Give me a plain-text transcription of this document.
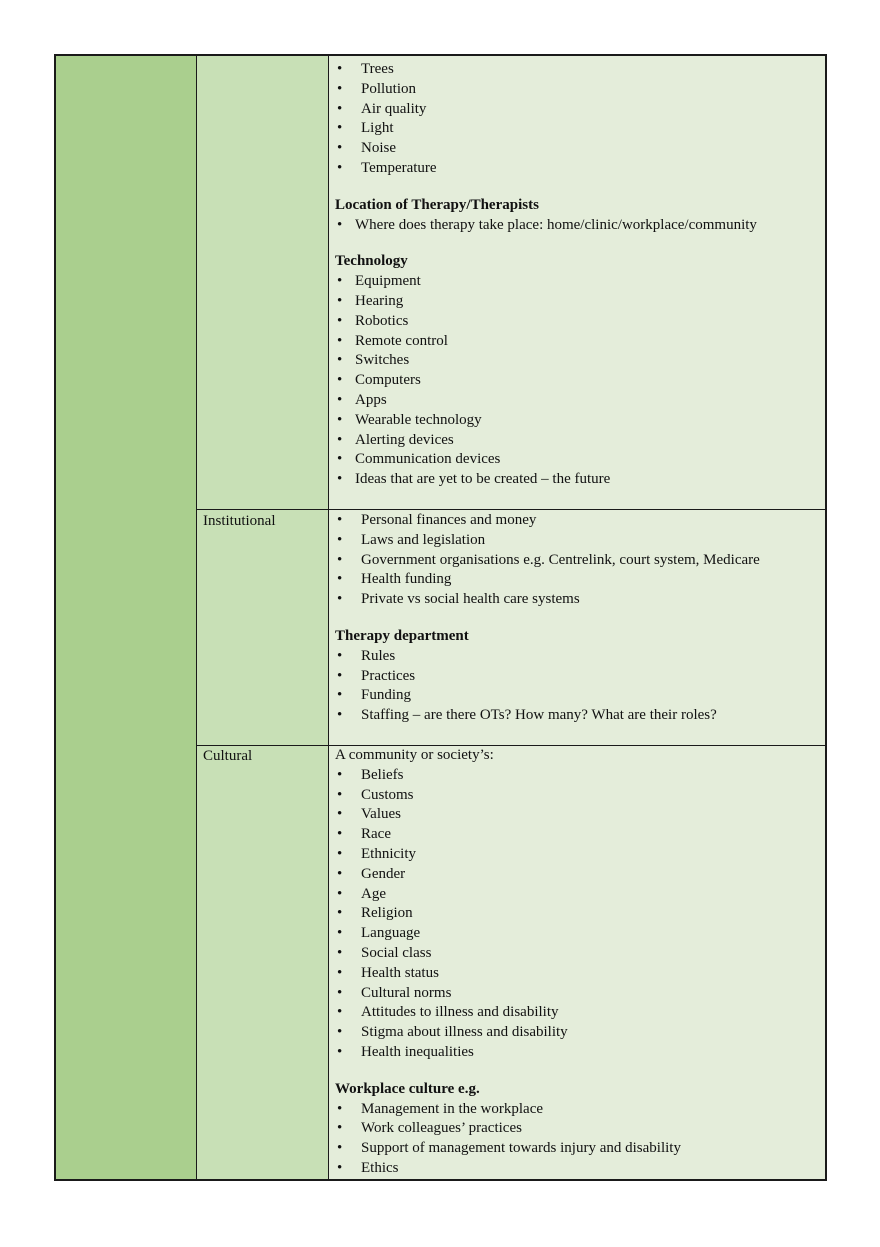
• Trees
• Pollution
• Air quality
• Light
• Noise
• Temperature
Location of Therapy/Therapists
• Where does therapy take place: home/clinic/workplace/community
Technology
• Equipment
• Hearing
• Robotics
• Remote control
• Switches
• Computers
• Apps
• Wearable technology
• Alerting devices
• Communication devices
• Ideas that are yet to be created – the future
Institutional
•	Personal finances and money
• Laws and legislation
• Government organisations e.g. Centrelink, court system, Medicare
• Health funding
• Private vs social health care systems
Therapy department
• Rules
• Practices
• Funding
• Staffing – are there OTs? How many? What are their roles?
Cultural	A community or society’s:
• Beliefs
• Customs
• Values
• Race
• Ethnicity
• Gender
• Age
• Religion
• Language
• Social class
• Health status
• Cultural norms
• Attitudes to illness and disability
• Stigma about illness and disability
• Health inequalities
Workplace culture e.g.
• Management in the workplace
• Work colleagues’ practices
• Support of management towards injury and disability
• Ethics
